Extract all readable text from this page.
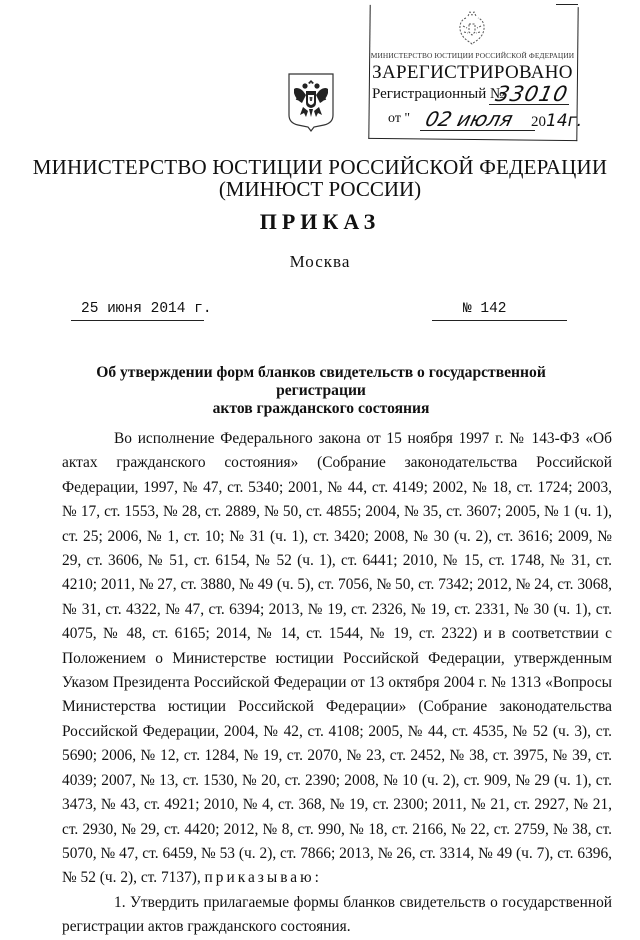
МИНИСТЕРСТВО ЮСТИЦИИ РОССИЙСКОЙ ФЕДЕРАЦИИ
ЗАРЕГИСТРИРОВАНО
Регистрационный №
33010
от " 02 июля 2014г.
МИНИСТЕРСТВО ЮСТИЦИИ РОССИЙСКОЙ ФЕДЕРАЦИИ
(МИНЮСТ РОССИИ)
ПРИКАЗ
Москва
25 июня 2014 г.	№ 142
Об утверждении форм бланков свидетельств о государственной регистрации
актов гражданского состояния

Во исполнение Федерального закона от 15 ноября 1997 г. № 143-ФЗ «Об актах гражданского состояния» (Собрание законодательства Российской Федерации, 1997, № 47, ст. 5340; 2001, № 44, ст. 4149; 2002, № 18, ст. 1724; 2003, № 17, ст. 1553, № 28, ст. 2889, № 50, ст. 4855; 2004, № 35, ст. 3607; 2005, № 1 (ч. 1), ст. 25; 2006, № 1, ст. 10; № 31 (ч. 1), ст. 3420; 2008, № 30 (ч. 2), ст. 3616; 2009, № 29, ст. 3606, № 51, ст. 6154, № 52 (ч. 1), ст. 6441; 2010, № 15, ст. 1748, № 31, ст. 4210; 2011, № 27, ст. 3880, № 49 (ч. 5), ст. 7056, № 50, ст. 7342; 2012, № 24, ст. 3068, № 31, ст. 4322, № 47, ст. 6394; 2013, № 19, ст. 2326, № 19, ст. 2331, № 30 (ч. 1), ст. 4075, № 48, ст. 6165; 2014, № 14, ст. 1544, № 19, ст. 2322) и в соответствии с Положением о Министерстве юстиции Российской Федерации, утвержденным Указом Президента Российской Федерации от 13 октября 2004 г. № 1313 «Вопросы Министерства юстиции Российской Федерации» (Собрание законодательства Российской Федерации, 2004, № 42, ст. 4108; 2005, № 44, ст. 4535, № 52 (ч. 3), ст. 5690; 2006, № 12, ст. 1284, № 19, ст. 2070, № 23, ст. 2452, № 38, ст. 3975, № 39, ст. 4039; 2007, № 13, ст. 1530, № 20, ст. 2390; 2008, № 10 (ч. 2), ст. 909, № 29 (ч. 1), ст. 3473, № 43, ст. 4921; 2010, № 4, ст. 368, № 19, ст. 2300; 2011, № 21, ст. 2927, № 21, ст. 2930, № 29, ст. 4420; 2012, № 8, ст. 990, № 18, ст. 2166, № 22, ст. 2759, № 38, ст. 5070, № 47, ст. 6459, № 53 (ч. 2), ст. 7866; 2013, № 26, ст. 3314, № 49 (ч. 7), ст. 6396, № 52 (ч. 2), ст. 7137), приказываю:

1. Утвердить прилагаемые формы бланков свидетельств о государственной регистрации актов гражданского состояния.
